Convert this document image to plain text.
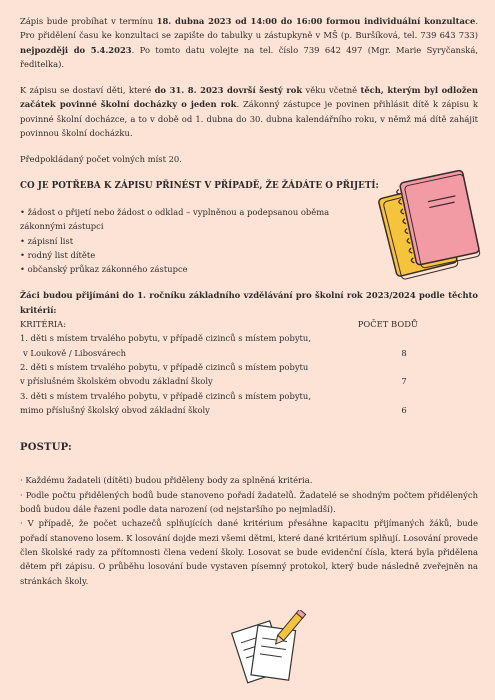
Zápis bude probíhat v termínu 18. dubna 2023 od 14:00 do 16:00 formou individuální konzultace. Pro přidělení času ke konzultaci se zapište do tabulky u zástupkyně v MŠ (p. Buršíková, tel. 739 643 733) nejpozději do 5.4.2023. Po tomto datu volejte na tel. číslo 739 642 497 (Mgr. Marie Syryčanská, ředitelka).

K zápisu se dostaví děti, které do 31. 8. 2023 dovrší šestý rok věku včetně těch, kterým byl odložen začátek povinné školní docházky o jeden rok. Zákonný zástupce je povinen přihlásit dítě k zápisu k povinné školní docházce, a to v době od 1. dubna do 30. dubna kalendářního roku, v němž má dítě zahájit povinnou školní docházku.

Předpokládaný počet volných míst 20.

CO JE POTŘEBA K ZÁPISU PŘINÉST V PŘÍPADĚ, ŽE ŽÁDÁTE O PŘIJETÍ:

• žádost o přijetí nebo žádost o odklad – vyplněnou a podepsanou oběma zákonnými zástupci
• zápisní list
• rodný list dítěte
• občanský průkaz zákonného zástupce

Žáci budou přijímáni do 1. ročníku základního vzdělávání pro školní rok 2023/2024 podle těchto kritérií:

KRITÉRIA:	POČET BODŮ
1. děti s místem trvalého pobytu, v případě cizinců s místem pobytu,
v Loukově / Libosvárech	8
2. děti s místem trvalého pobytu, v případě cizinců s místem pobytu
v příslušném školském obvodu základní školy	7
3. děti s místem trvalého pobytu, v případě cizinců s místem pobytu,
mimo příslušný školský obvod základní školy	6

POSTUP:

· Každému žadateli (dítěti) budou přiděleny body za splněná kritéria.

· Podle počtu přidělených bodů bude stanoveno pořadí žadatelů. Žadatelé se shodným počtem přidělených bodů budou dále řazeni podle data narození (od nejstaršího po nejmladší).

· V případě, že počet uchazečů splňujících dané kritérium přesáhne kapacitu přijímaných žáků, bude pořadí stanoveno losem. K losování dojde mezi všemi dětmi, které dané kritérium splňují. Losování provede člen školské rady za přítomnosti člena vedení školy. Losovat se bude evidenční čísla, která byla přidělena dětem při zápisu. O průběhu losování bude vystaven písemný protokol, který bude následně zveřejněn na stránkách školy.
